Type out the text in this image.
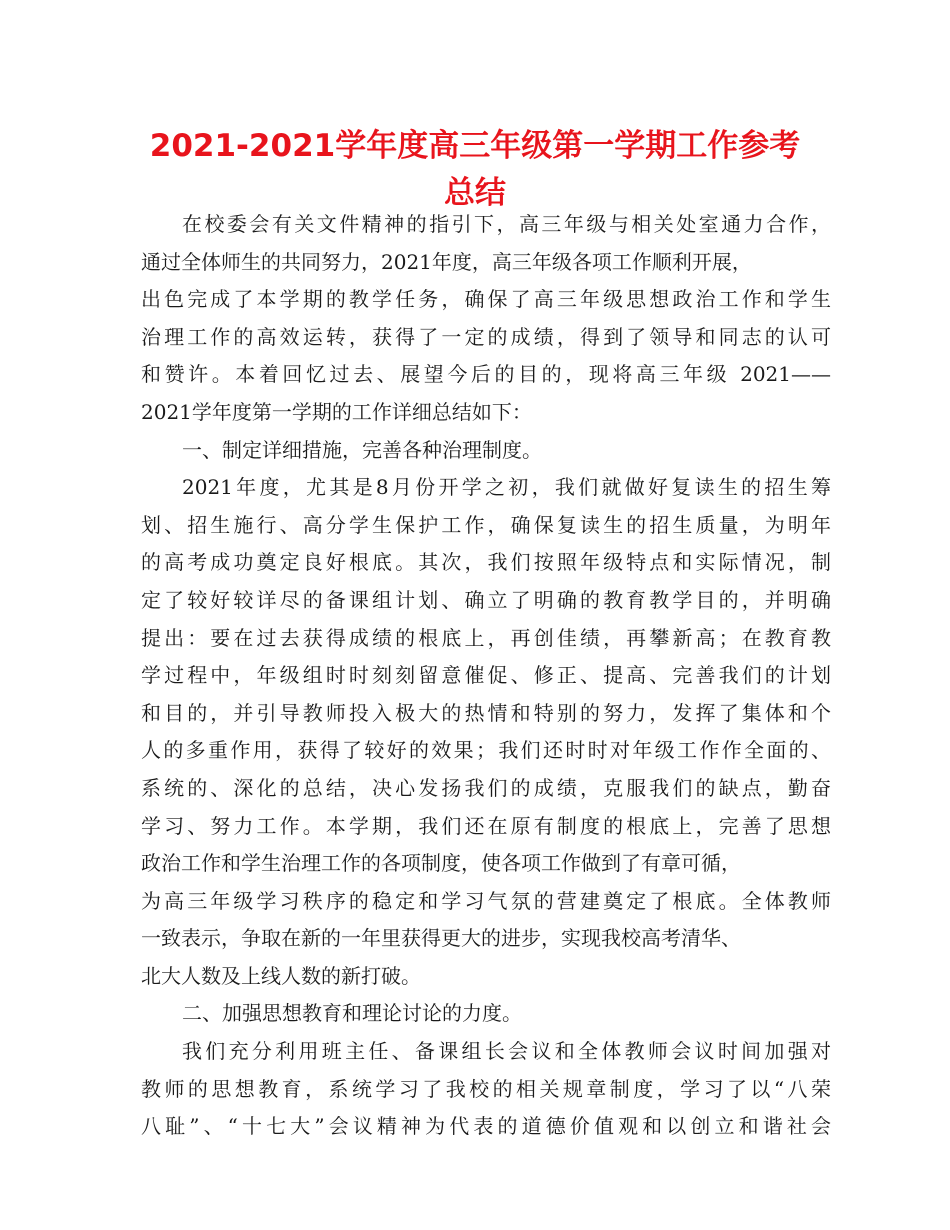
2021-2021学年度高三年级第一学期工作参考
总结
在校委会有关文件精神的指引下，高三年级与相关处室通力合作，
通过全体师生的共同努力，2021年度，高三年级各项工作顺利开展，
出色完成了本学期的教学任务，确保了高三年级思想政治工作和学生
治理工作的高效运转，获得了一定的成绩，得到了领导和同志的认可
和赞许。本着回忆过去、展望今后的目的，现将高三年级 2021——
2021学年度第一学期的工作详细总结如下：
一、制定详细措施，完善各种治理制度。
2021年度，尤其是8月份开学之初，我们就做好复读生的招生筹
划、招生施行、高分学生保护工作，确保复读生的招生质量，为明年
的高考成功奠定良好根底。其次，我们按照年级特点和实际情况，制
定了较好较详尽的备课组计划、确立了明确的教育教学目的，并明确
提出：要在过去获得成绩的根底上，再创佳绩，再攀新高；在教育教
学过程中，年级组时时刻刻留意催促、修正、提高、完善我们的计划
和目的，并引导教师投入极大的热情和特别的努力，发挥了集体和个
人的多重作用，获得了较好的效果；我们还时时对年级工作作全面的、
系统的、深化的总结，决心发扬我们的成绩，克服我们的缺点，勤奋
学习、努力工作。本学期，我们还在原有制度的根底上，完善了思想
政治工作和学生治理工作的各项制度，使各项工作做到了有章可循，
为高三年级学习秩序的稳定和学习气氛的营建奠定了根底。全体教师
一致表示，争取在新的一年里获得更大的进步，实现我校高考清华、
北大人数及上线人数的新打破。
二、加强思想教育和理论讨论的力度。
我们充分利用班主任、备课组长会议和全体教师会议时间加强对
教师的思想教育，系统学习了我校的相关规章制度，学习了以“八荣
八耻”、“十七大”会议精神为代表的道德价值观和以创立和谐社会
